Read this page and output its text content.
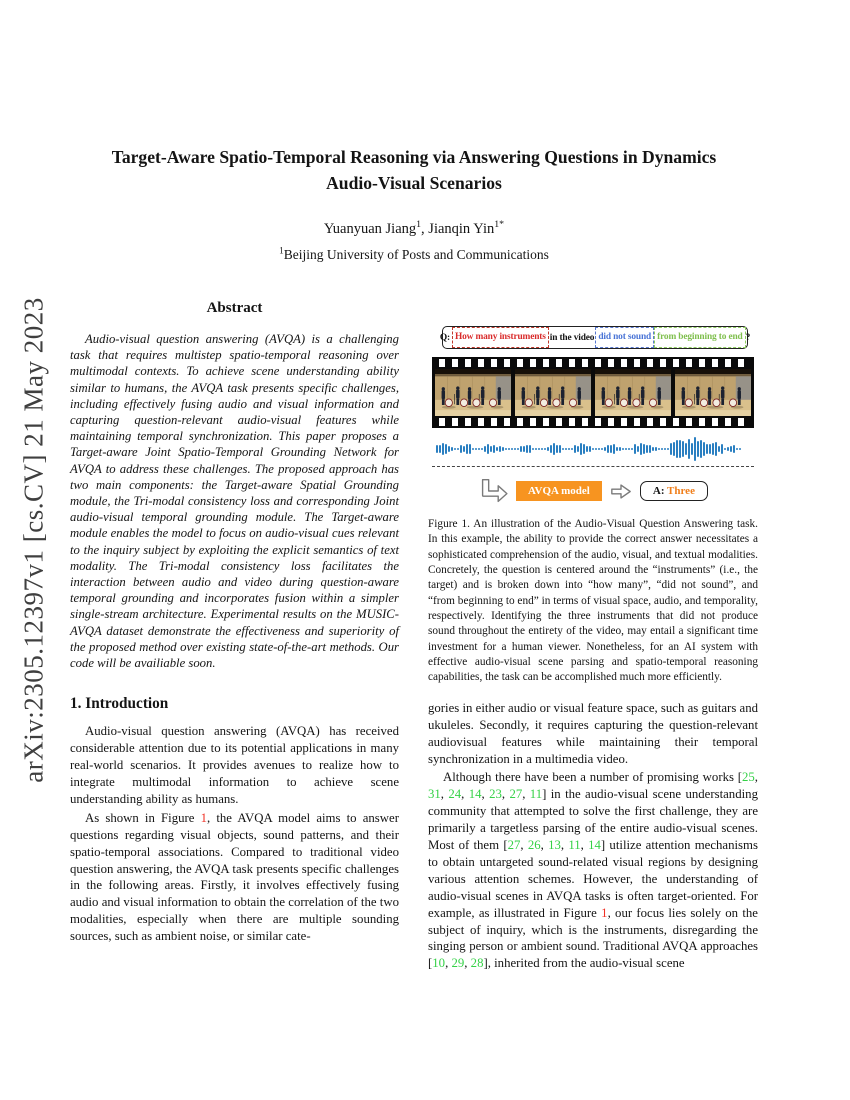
arXiv:2305.12397v1 [cs.CV] 21 May 2023
Target-Aware Spatio-Temporal Reasoning via Answering Questions in Dynamics
Audio-Visual Scenarios
Yuanyuan Jiang$^1$, Jianqin Yin$^{1*}$
$^1$Beijing University of Posts and Communications
Abstract

Audio-visual question answering (AVQA) is a challenging task that requires multistep spatio-temporal reasoning over multimodal contexts. To achieve scene understanding ability similar to humans, the AVQA task presents specific challenges, including effectively fusing audio and visual information and capturing question-relevant audio-visual features while maintaining temporal synchronization. This paper proposes a Target-aware Joint Spatio-Temporal Grounding Network for AVQA to address these challenges. The proposed approach has two main components: the Target-aware Spatial Grounding module, the Tri-modal consistency loss and corresponding Joint audio-visual temporal grounding module. The Target-aware module enables the model to focus on audio-visual cues relevant to the inquiry subject by exploiting the explicit semantics of text modality. The Tri-modal consistency loss facilitates the interaction between audio and video during question-aware temporal grounding and incorporates fusion within a simpler single-stream architecture. Experimental results on the MUSIC-AVQA dataset demonstrate the effectiveness and superiority of the proposed method over existing state-of-the-art methods. Our code will be availiable soon.

1. Introduction

Audio-visual question answering (AVQA) has received considerable attention due to its potential applications in many real-world scenarios. It provides avenues to realize how to integrate multimodal information to achieve scene understanding ability as humans.

As shown in Figure 1, the AVQA model aims to answer questions regarding visual objects, sound patterns, and their spatio-temporal associations. Compared to traditional video question answering, the AVQA task presents specific challenges in the following areas. Firstly, it involves effectively fusing audio and visual information to obtain the correlation of the two modalities, especially when there are multiple sounding sources, such as ambient noise, or similar cate-

Q: How many instruments in the video did not sound from beginning to end ?
AVQA model	A: Three
Figure 1. An illustration of the Audio-Visual Question Answering task. In this example, the ability to provide the correct answer necessitates a sophisticated comprehension of the audio, visual, and textual modalities. Concretely, the question is centered around the “instruments” (i.e., the target) and is broken down into “how many”, “did not sound”, and “from beginning to end” in terms of visual space, audio, and temporality, respectively. Identifying the three instruments that did not produce sound throughout the entirety of the video, may entail a significant time investment for a human viewer. Nonetheless, for an AI system with effective audio-visual scene parsing and spatio-temporal reasoning capabilities, the task can be accomplished much more efficiently.

gories in either audio or visual feature space, such as guitars and ukuleles. Secondly, it requires capturing the question-relevant audiovisual features while maintaining their temporal synchronization in a multimedia video.

Although there have been a number of promising works [25, 31, 24, 14, 23, 27, 11] in the audio-visual scene understanding community that attempted to solve the first challenge, they are primarily a targetless parsing of the entire audio-visual scenes. Most of them [27, 26, 13, 11, 14] utilize attention mechanisms to obtain untargeted sound-related visual regions by designing various attention schemes. However, the understanding of audio-visual scenes in AVQA tasks is often target-oriented. For example, as illustrated in Figure 1, our focus lies solely on the subject of inquiry, which is the instruments, disregarding the singing person or ambient sound. Traditional AVQA approaches [10, 29, 28], inherited from the audio-visual scene
